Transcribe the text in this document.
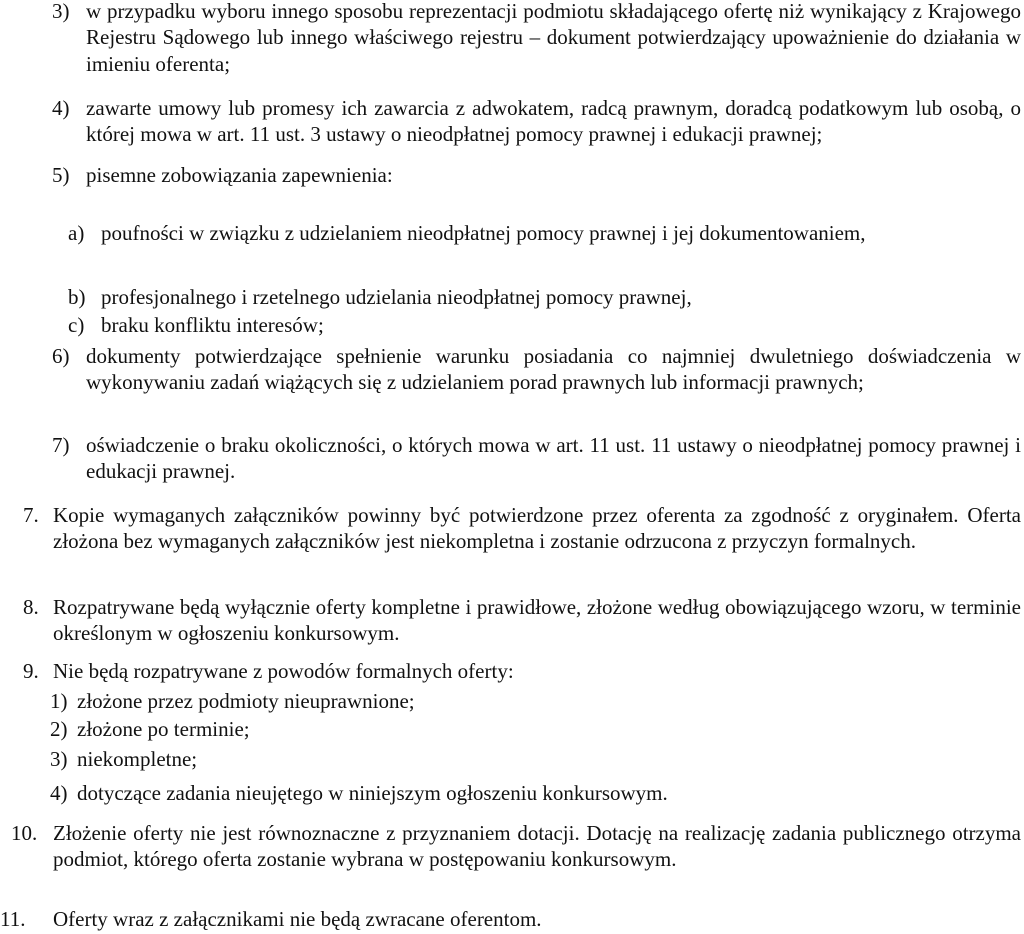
3) w przypadku wyboru innego sposobu reprezentacji podmiotu składającego ofertę niż wynikający z Krajowego Rejestru Sądowego lub innego właściwego rejestru – dokument potwierdzający upoważnienie do działania w imieniu oferenta;
4) zawarte umowy lub promesy ich zawarcia z adwokatem, radcą prawnym, doradcą podatkowym lub osobą, o której mowa w art. 11 ust. 3 ustawy o nieodpłatnej pomocy prawnej i edukacji prawnej;
5) pisemne zobowiązania zapewnienia:
a) poufności w związku z udzielaniem nieodpłatnej pomocy prawnej i jej dokumentowaniem,
b) profesjonalnego i rzetelnego udzielania nieodpłatnej pomocy prawnej,
c) braku konfliktu interesów;
6) dokumenty potwierdzające spełnienie warunku posiadania co najmniej dwuletniego doświadczenia w wykonywaniu zadań wiążących się z udzielaniem porad prawnych lub informacji prawnych;
7) oświadczenie o braku okoliczności, o których mowa w art. 11 ust. 11 ustawy o nieodpłatnej pomocy prawnej i edukacji prawnej.
7. Kopie wymaganych załączników powinny być potwierdzone przez oferenta za zgodność z oryginałem. Oferta złożona bez wymaganych załączników jest niekompletna i zostanie odrzucona z przyczyn formalnych.
8. Rozpatrywane będą wyłącznie oferty kompletne i prawidłowe, złożone według obowiązującego wzoru, w terminie określonym w ogłoszeniu konkursowym.
9. Nie będą rozpatrywane z powodów formalnych oferty:
1) złożone przez podmioty nieuprawnione;
2) złożone po terminie;
3) niekompletne;
4) dotyczące zadania nieujętego w niniejszym ogłoszeniu konkursowym.
10. Złożenie oferty nie jest równoznaczne z przyznaniem dotacji. Dotację na realizację zadania publicznego otrzyma podmiot, którego oferta zostanie wybrana w postępowaniu konkursowym.
11. Oferty wraz z załącznikami nie będą zwracane oferentom.
